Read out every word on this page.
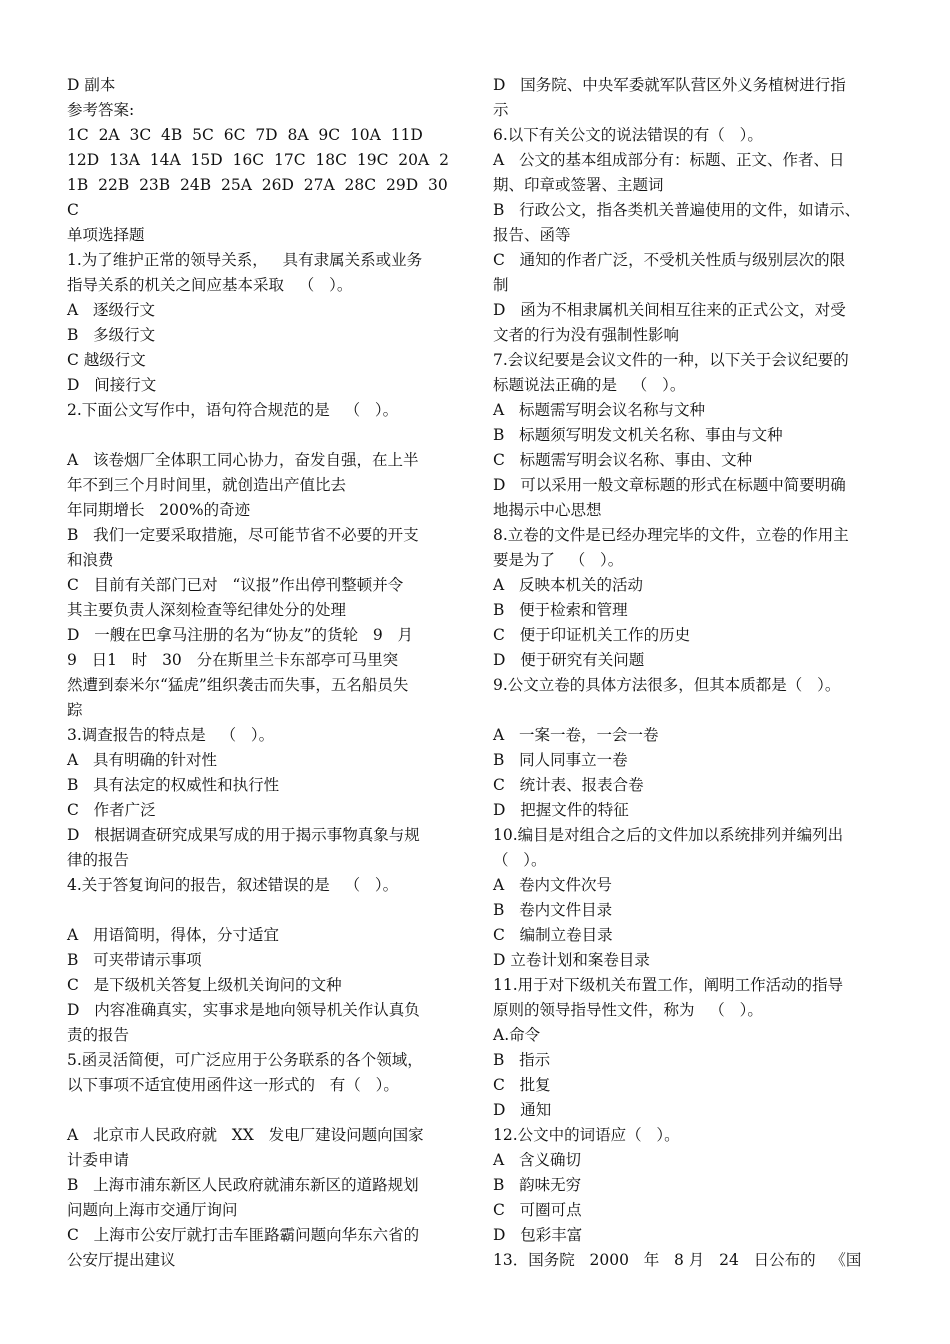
D 副本
参考答案:
1C  2A  3C  4B  5C  6C  7D  8A  9C  10A  11D
12D  13A  14A  15D  16C  17C  18C  19C  20A  2
1B  22B  23B  24B  25A  26D  27A  28C  29D  30
C
单项选择题
1.为了维护正常的领导关系，   具有隶属关系或业务
指导关系的机关之间应基本采取   （   ）。
A   逐级行文
B   多级行文
C 越级行文
D   间接行文
2.下面公文写作中，语句符合规范的是   （   ）。
A   该卷烟厂全体职工同心协力，奋发自强，在上半
年不到三个月时间里，就创造出产值比去
年同期增长   200%的奇迹
B   我们一定要采取措施，尽可能节省不必要的开支
和浪费
C   目前有关部门已对   “议报”作出停刊整顿并令
其主要负责人深刻检查等纪律处分的处理
D   一艘在巴拿马注册的名为“协友”的货轮   9   月
9   日1   时   30   分在斯里兰卡东部亭可马里突
然遭到泰米尔“猛虎”组织袭击而失事，五名船员失
踪
3.调查报告的特点是   （   ）。
A   具有明确的针对性
B   具有法定的权威性和执行性
C   作者广泛
D   根据调查研究成果写成的用于揭示事物真象与规
律的报告
4.关于答复询问的报告，叙述错误的是   （   ）。
A   用语简明，得体，分寸适宜
B   可夹带请示事项
C   是下级机关答复上级机关询问的文种
D   内容准确真实，实事求是地向领导机关作认真负
责的报告
5.函灵活简便，可广泛应用于公务联系的各个领域，
以下事项不适宜使用函件这一形式的   有（   ）。
A   北京市人民政府就   XX   发电厂建设问题向国家
计委申请
B   上海市浦东新区人民政府就浦东新区的道路规划
问题向上海市交通厅询问
C   上海市公安厅就打击车匪路霸问题向华东六省的
公安厅提出建议
D   国务院、中央军委就军队营区外义务植树进行指
示
6.以下有关公文的说法错误的有（   ）。
A   公文的基本组成部分有：标题、正文、作者、日
期、印章或签署、主题词
B   行政公文，指各类机关普遍使用的文件，如请示、
报告、函等
C   通知的作者广泛，不受机关性质与级别层次的限
制
D   函为不相隶属机关间相互往来的正式公文，对受
文者的行为没有强制性影响
7.会议纪要是会议文件的一种，以下关于会议纪要的
标题说法正确的是   （   ）。
A   标题需写明会议名称与文种
B   标题须写明发文机关名称、事由与文种
C   标题需写明会议名称、事由、文种
D   可以采用一般文章标题的形式在标题中简要明确
地揭示中心思想
8.立卷的文件是已经办理完毕的文件，立卷的作用主
要是为了   （   ）。
A   反映本机关的活动
B   便于检索和管理
C   便于印证机关工作的历史
D   便于研究有关问题
9.公文立卷的具体方法很多，但其本质都是（   ）。
A   一案一卷，一会一卷
B   同人同事立一卷
C   统计表、报表合卷
D   把握文件的特征
10.编目是对组合之后的文件加以系统排列并编列出
（   ）。
A   卷内文件次号
B   卷内文件目录
C   编制立卷目录
D 立卷计划和案卷目录
11.用于对下级机关布置工作，阐明工作活动的指导
原则的领导指导性文件，称为   （   ）。
A.命令
B   指示
C   批复
D   通知
12.公文中的词语应（   ）。
A   含义确切
B   韵味无穷
C   可圈可点
D   包彩丰富
13．国务院   2000   年   8 月   24   日公布的   《国
